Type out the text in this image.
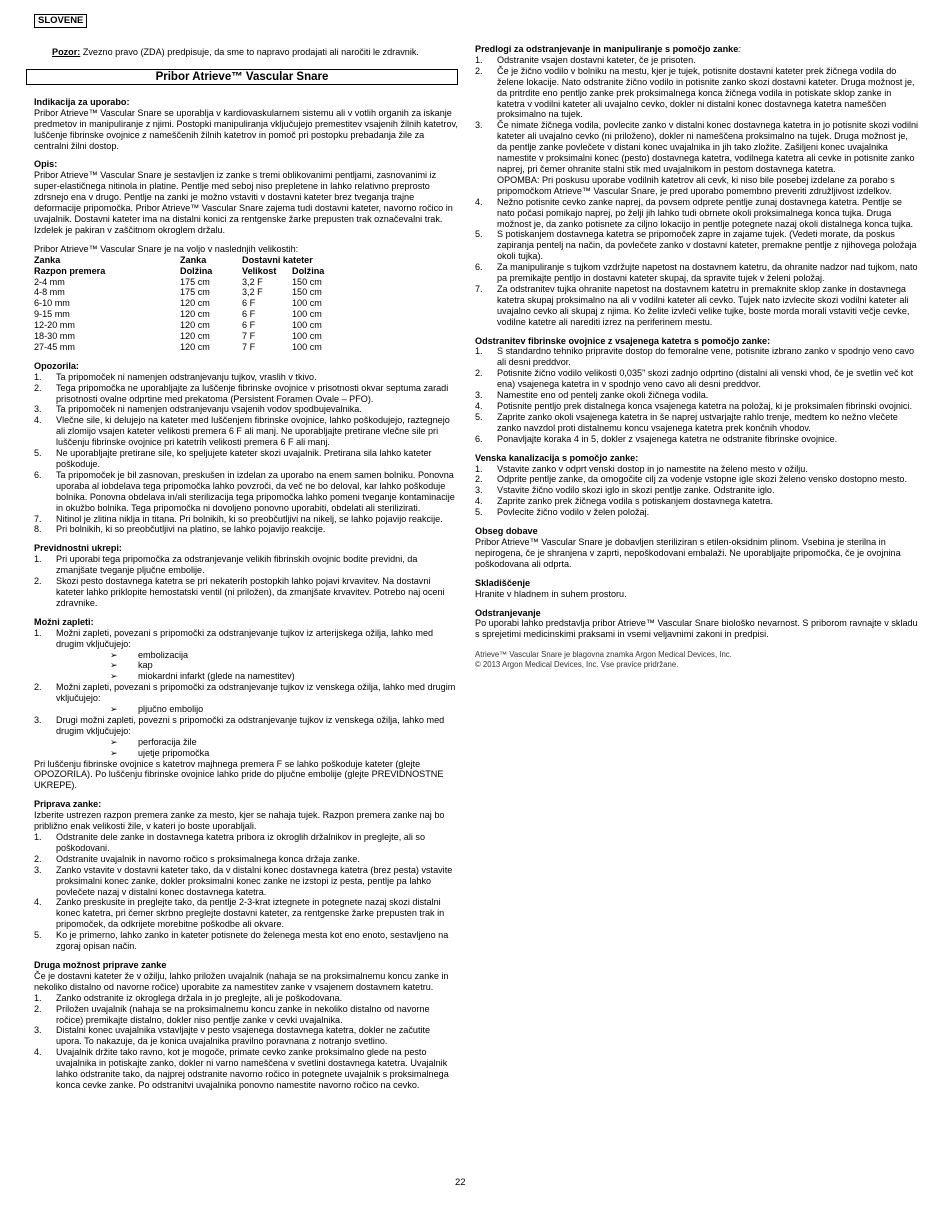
SLOVENE

Pozor: Zvezno pravo (ZDA) predpisuje, da sme to napravo prodajati ali naročiti le zdravnik.

Pribor Atrieve™ Vascular Snare

Indikacija za uporabo:

Pribor Atrieve™ Vascular Snare se uporablja v kardiovaskularnem sistemu ali v votlih organih za iskanje predmetov in manipuliranje z njimi. Postopki manipuliranja vključujejo premestitev vsajenih žilnih katetrov, luščenje fibrinske ovojnice z nameščenih žilnih katetrov in pomoč pri postopku prebadanja žile za centralni žilni dostop.

Opis:

Pribor Atrieve™ Vascular Snare je sestavljen iz zanke s tremi oblikovanimi pentljami, zasnovanimi iz super-elastičnega nitinola in platine. Pentlje med seboj niso prepletene in lahko relativno preprosto zdrsnejo ena v drugo. Pentlje na zanki je možno vstaviti v dostavni kateter brez tveganja trajne deformacije pripomočka. Pribor Atrieve™ Vascular Snare zajema tudi dostavni kateter, navorno ročico in uvajalnik. Dostavni kateter ima na distalni konici za rentgenske žarke prepusten trak označevalni trak. Izdelek je pakiran v zaščitnom okroglem držalu.

Pribor Atrieve™ Vascular Snare je na voljo v naslednjih velikostih:

Zanka	Zanka	Dostavni kateter	
Razpon premera	Dolžina	Velikost	Dolžina
2-4 mm	175 cm	3,2 F	150 cm
4-8 mm	175 cm	3,2 F	150 cm
6-10 mm	120 cm	6 F	100 cm
9-15 mm	120 cm	6 F	100 cm
12-20 mm	120 cm	6 F	100 cm
18-30 mm	120 cm	7 F	100 cm
27-45 mm	120 cm	7 F	100 cm

Opozorila:

1. Ta pripomoček ni namenjen odstranjevanju tujkov, vraslih v tkivo.
2. Tega pripomočka ne uporabljajte za luščenje fibrinske ovojnice v prisotnosti okvar septuma zaradi prisotnosti ovalne odprtine med prekatoma (Persistent Foramen Ovale – PFO).
3. Ta pripomoček ni namenjen odstranjevanju vsajenih vodov spodbujevalnika.
4. Vlečne sile, ki delujejo na kateter med luščenjem fibrinske ovojnice, lahko poškodujejo, raztegnejo ali zlomijo vsajen kateter velikosti premera 6 F ali manj. Ne uporabljajte pretirane vlečne sile pri luščenju fibrinske ovojnice pri katetrih velikosti premera 6 F ali manj.
5. Ne uporabljajte pretirane sile, ko speljujete kateter skozi uvajalnik. Pretirana sila lahko kateter poškoduje.
6. Ta pripomoček je bil zasnovan, preskušen in izdelan za uporabo na enem samen bolniku. Ponovna uporaba al iobdelava tega pripomočka lahko povzroči, da več ne bo deloval, kar lahko poškoduje bolnika. Ponovna obdelava in/ali sterilizacija tega pripomočka lahko pomeni tveganje kontaminacije in okužbo bolnika. Tega pripomočka ni dovoljeno ponovno uporabiti, obdelati ali sterilizirati.
7. Nitinol je zlitina niklja in titana. Pri bolnikih, ki so preobčutljivi na nikelj, se lahko pojavijo reakcije.
8. Pri bolnikih, ki so preobčutljivi na platino, se lahko pojavijo reakcije.

Previdnostni ukrepi:

1. Pri uporabi tega pripomočka za odstranjevanje velikih fibrinskih ovojnic bodite previdni, da zmanjšate tveganje pljučne embolije.
2. Skozi pesto dostavnega katetra se pri nekaterih postopkih lahko pojavi krvavitev. Na dostavni kateter lahko priklopite hemostatski ventil (ni priložen), da zmanjšate krvavitev. Potrebo naj oceni zdravnike.

Možni zapleti:

1. Možni zapleti, povezani s pripomočki za odstranjevanje tujkov iz arterijskega ožilja, lahko med drugim vključujejo:
➢ embolizacija
➢ kap
➢ miokardni infarkt (glede na namestitev)
2. Možni zapleti, povezani s pripomočki za odstranjevanje tujkov iz venskega ožilja, lahko med drugim vključujejo:
➢ pljučno embolijo
3. Drugi možni zapleti, povezni s pripomočki za odstranjevanje tujkov iz venskega ožilja, lahko med drugim vključujejo:
➢ perforacija žile
➢ ujetje pripomočka

Pri luščenju fibrinske ovojnice s katetrov majhnega premera F se lahko poškoduje kateter (glejte OPOZORILA). Po luščenju fibrinske ovojnice lahko pride do pljučne embolije (glejte PREVIDNOSTNE UKREPE).

Priprava zanke:

Izberite ustrezen razpon premera zanke za mesto, kjer se nahaja tujek. Razpon premera zanke naj bo približno enak velikosti žile, v kateri jo boste uporabljali.

1. Odstranite dele zanke in dostavnega katetra pribora iz okroglih držalnikov in preglejte, ali so poškodovani.
2. Odstranite uvajalnik in navorno ročico s proksimalnega konca držaja zanke.
3. Zanko vstavite v dostavni kateter tako, da v distalni konec dostavnega katetra (brez pesta) vstavite proksimalni konec zanke, dokler proksimalni konec zanke ne izstopi iz pesta, pentlje pa lahko povlečete nazaj v distalni konec dostavnega katetra.
4. Zanko preskusite in preglejte tako, da pentlje 2-3-krat iztegnete in potegnete nazaj skozi distalni konec katetra, pri čemer skrbno preglejte dostavni kateter, za rentgenske žarke prepusten trak in pripomoček, da odkrijete morebitne poškodbe ali okvare.
5. Ko je primerno, lahko zanko in kateter potisnete do želenega mesta kot eno enoto, sestavljeno na zgoraj opisan način.

Druga možnost priprave zanke

Če je dostavni kateter že v ožilju, lahko priložen uvajalnik (nahaja se na proksimalnemu koncu zanke in nekoliko distalno od navorne ročice) uporabite za namestitev zanke v vsajenem dostavnem katetru.

1. Zanko odstranite iz okroglega držala in jo preglejte, ali je poškodovana.
2. Priložen uvajalnik (nahaja se na proksimalnemu koncu zanke in nekoliko distalno od navorne ročice) premikajte distalno, dokler niso pentlje zanke v cevki uvajalnika.
3. Distalni konec uvajalnika vstavljajte v pesto vsajenega dostavnega katetra, dokler ne začutite upora. To nakazuje, da je konica uvajalnika pravilno poravnana z notranjo svetlino.
4. Uvajalnik držite tako ravno, kot je mogoče, primate cevko zanke proksimalno glede na pesto uvajalnika in potiskajte zanko, dokler ni varno nameščena v svetlini dostavnega katetra. Uvajalnik lahko odstranite tako, da najprej odstranite navorno ročico in potegnete uvajalnik s proksimalnega konca cevke zanke. Po odstranitvi uvajalnika ponovno namestite navorno ročico na cevko.

Predlogi za odstranjevanje in manipuliranje s pomočjo zanke:

1. Odstranite vsajen dostavni kateter, če je prisoten.
2. Če je žično vodilo v bolniku na mestu, kjer je tujek, potisnite dostavni kateter prek žičnega vodila do želene lokacije. Nato odstranite žično vodilo in potisnite zanko skozi dostavni kateter. Druga možnost je, da pritrdite eno pentljo zanke prek proksimalnega konca žičnega vodila in potiskate sklop zanke in katetra v vodilni kateter ali uvajalno cevko, dokler ni distalni konec dostavnega katetra nameščen proksimalno na tujek.
3. Če nimate žičnega vodila, povlecite zanko v distalni konec dostavnega katetra in jo potisnite skozi vodilni kateter ali uvajalno cevko (ni priloženo), dokler ni nameščena proksimalno na tujek. Druga možnost je, da pentlje zanke povlečete v distani konec uvajalnika in jih tako zložite. Zašiljeni konec uvajalnika namestite v proksimalni konec (pesto) dostavnega katetra, vodilnega katetra ali cevke in potisnite zanko naprej, pri čemer ohranite stalni stik med uvajalnikom in pestom dostavnega katetra.
OPOMBA: Pri poskusu uporabe vodilnih katetrov ali cevk, ki niso bile posebej izdelane za porabo s pripomočkom Atrieve™ Vascular Snare, je pred uporabo pomembno preveriti združljivost izdelkov.
4. Nežno potisnite cevko zanke naprej, da povsem odprete pentlje zunaj dostavnega katetra. Pentlje se nato počasi pomikajo naprej, po želji jih lahko tudi obrnete okoli proksimalnega konca tujka. Druga možnost je, da zanko potisnete za ciljno lokacijo in pentlje potegnete nazaj okoli distalnega konca tujka.
5. S potiskanjem dostavnega katetra se pripomoček zapre in zajame tujek. (Vedeti morate, da poskus zapiranja pentelj na način, da povlečete zanko v dostavni kateter, premakne pentlje z njihovega položaja okoli tujka).
6. Za manipuliranje s tujkom vzdržujte napetost na dostavnem katetru, da ohranite nadzor nad tujkom, nato pa premikajte pentljo in dostavni kateter skupaj, da spravite tujek v želeni položaj.
7. Za odstranitev tujka ohranite napetost na dostavnem katetru in premaknite sklop zanke in dostavnega katetra skupaj proksimalno na ali v vodilni kateter ali cevko. Tujek nato izvlecite skozi vodilni kateter ali uvajalno cevko ali skupaj z njima. Ko želite izvleči velike tujke, boste morda morali vstaviti večje cevke, vodilne katetre ali narediti izrez na periferinem mestu.

Odstranitev fibrinske ovojnice z vsajenega katetra s pomočjo zanke:

1. S standardno tehniko pripravite dostop do femoralne vene, potisnite izbrano zanko v spodnjo veno cavo ali desni preddvor.
2. Potisnite žično vodilo velikosti 0,035" skozi zadnjo odprtino (distalni ali venski vhod, če je svetlin več kot ena) vsajenega katetra in v spodnjo veno cavo ali desni preddvor.
3. Namestite eno od pentelj zanke okoli žičnega vodila.
4. Potisnite pentljo prek distalnega konca vsajenega katetra na položaj, ki je proksimalen fibrinski ovojnici.
5. Zaprite zanko okoli vsajenega katetra in še naprej ustvarjajte rahlo trenje, medtem ko nežno vlečete zanko navzdol proti distalnemu koncu vsajenega katetra prek končnih vhodov.
6. Ponavljajte koraka 4 in 5, dokler z vsajenega katetra ne odstranite fibrinske ovojnice.

Venska kanalizacija s pomočjo zanke:

1. Vstavite zanko v odprt venski dostop in jo namestite na želeno mesto v ožilju.
2. Odprite pentlje zanke, da omogočite cilj za vodenje vstopne igle skozi želeno vensko dostopno mesto.
3. Vstavite žično vodilo skozi iglo in skozi pentlje zanke. Odstranite iglo.
4. Zaprite zanko prek žičnega vodila s potiskanjem dostavnega katetra.
5. Povlecite žično vodilo v želen položaj.

Obseg dobave

Pribor Atrieve™ Vascular Snare je dobavljen steriliziran s etilen-oksidnim plinom. Vsebina je sterilna in nepirogena, če je shranjena v zaprti, nepoškodovani embalaži. Ne uporabljajte pripomočka, če je ovojnina poškodovana ali odprta.

Skladiščenje

Hranite v hladnem in suhem prostoru.

Odstranjevanje

Po uporabi lahko predstavlja pribor Atrieve™ Vascular Snare biološko nevarnost. S priborom ravnajte v skladu s sprejetimi medicinskimi praksami in vsemi veljavnimi zakoni in predpisi.

Atrieve™ Vascular Snare je blagovna znamka Argon Medical Devices, Inc.

© 2013 Argon Medical Devices, Inc. Vse pravice pridržane.

22
